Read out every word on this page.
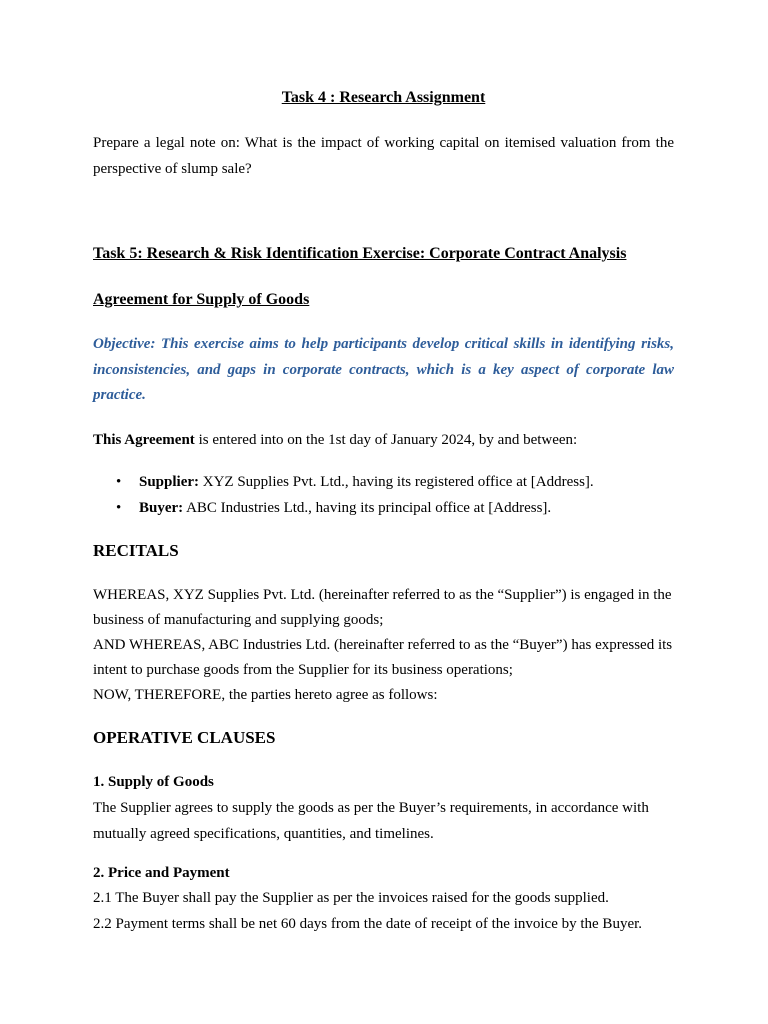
Task 4 : Research Assignment

Prepare a legal note on: What is the impact of working capital on itemised valuation from the perspective of slump sale?

Task 5: Research & Risk Identification Exercise: Corporate Contract Analysis
Agreement for Supply of Goods

Objective: This exercise aims to help participants develop critical skills in identifying risks, inconsistencies, and gaps in corporate contracts, which is a key aspect of corporate law practice.

This Agreement is entered into on the 1st day of January 2024, by and between:

• Supplier: XYZ Supplies Pvt. Ltd., having its registered office at [Address].
• Buyer: ABC Industries Ltd., having its principal office at [Address].
RECITALS

WHEREAS, XYZ Supplies Pvt. Ltd. (hereinafter referred to as the “Supplier”) is engaged in the business of manufacturing and supplying goods;

AND WHEREAS, ABC Industries Ltd. (hereinafter referred to as the “Buyer”) has expressed its intent to purchase goods from the Supplier for its business operations;

NOW, THEREFORE, the parties hereto agree as follows:

OPERATIVE CLAUSES

1. Supply of Goods

The Supplier agrees to supply the goods as per the Buyer’s requirements, in accordance with mutually agreed specifications, quantities, and timelines.

2. Price and Payment

2.1 The Buyer shall pay the Supplier as per the invoices raised for the goods supplied.

2.2 Payment terms shall be net 60 days from the date of receipt of the invoice by the Buyer.
